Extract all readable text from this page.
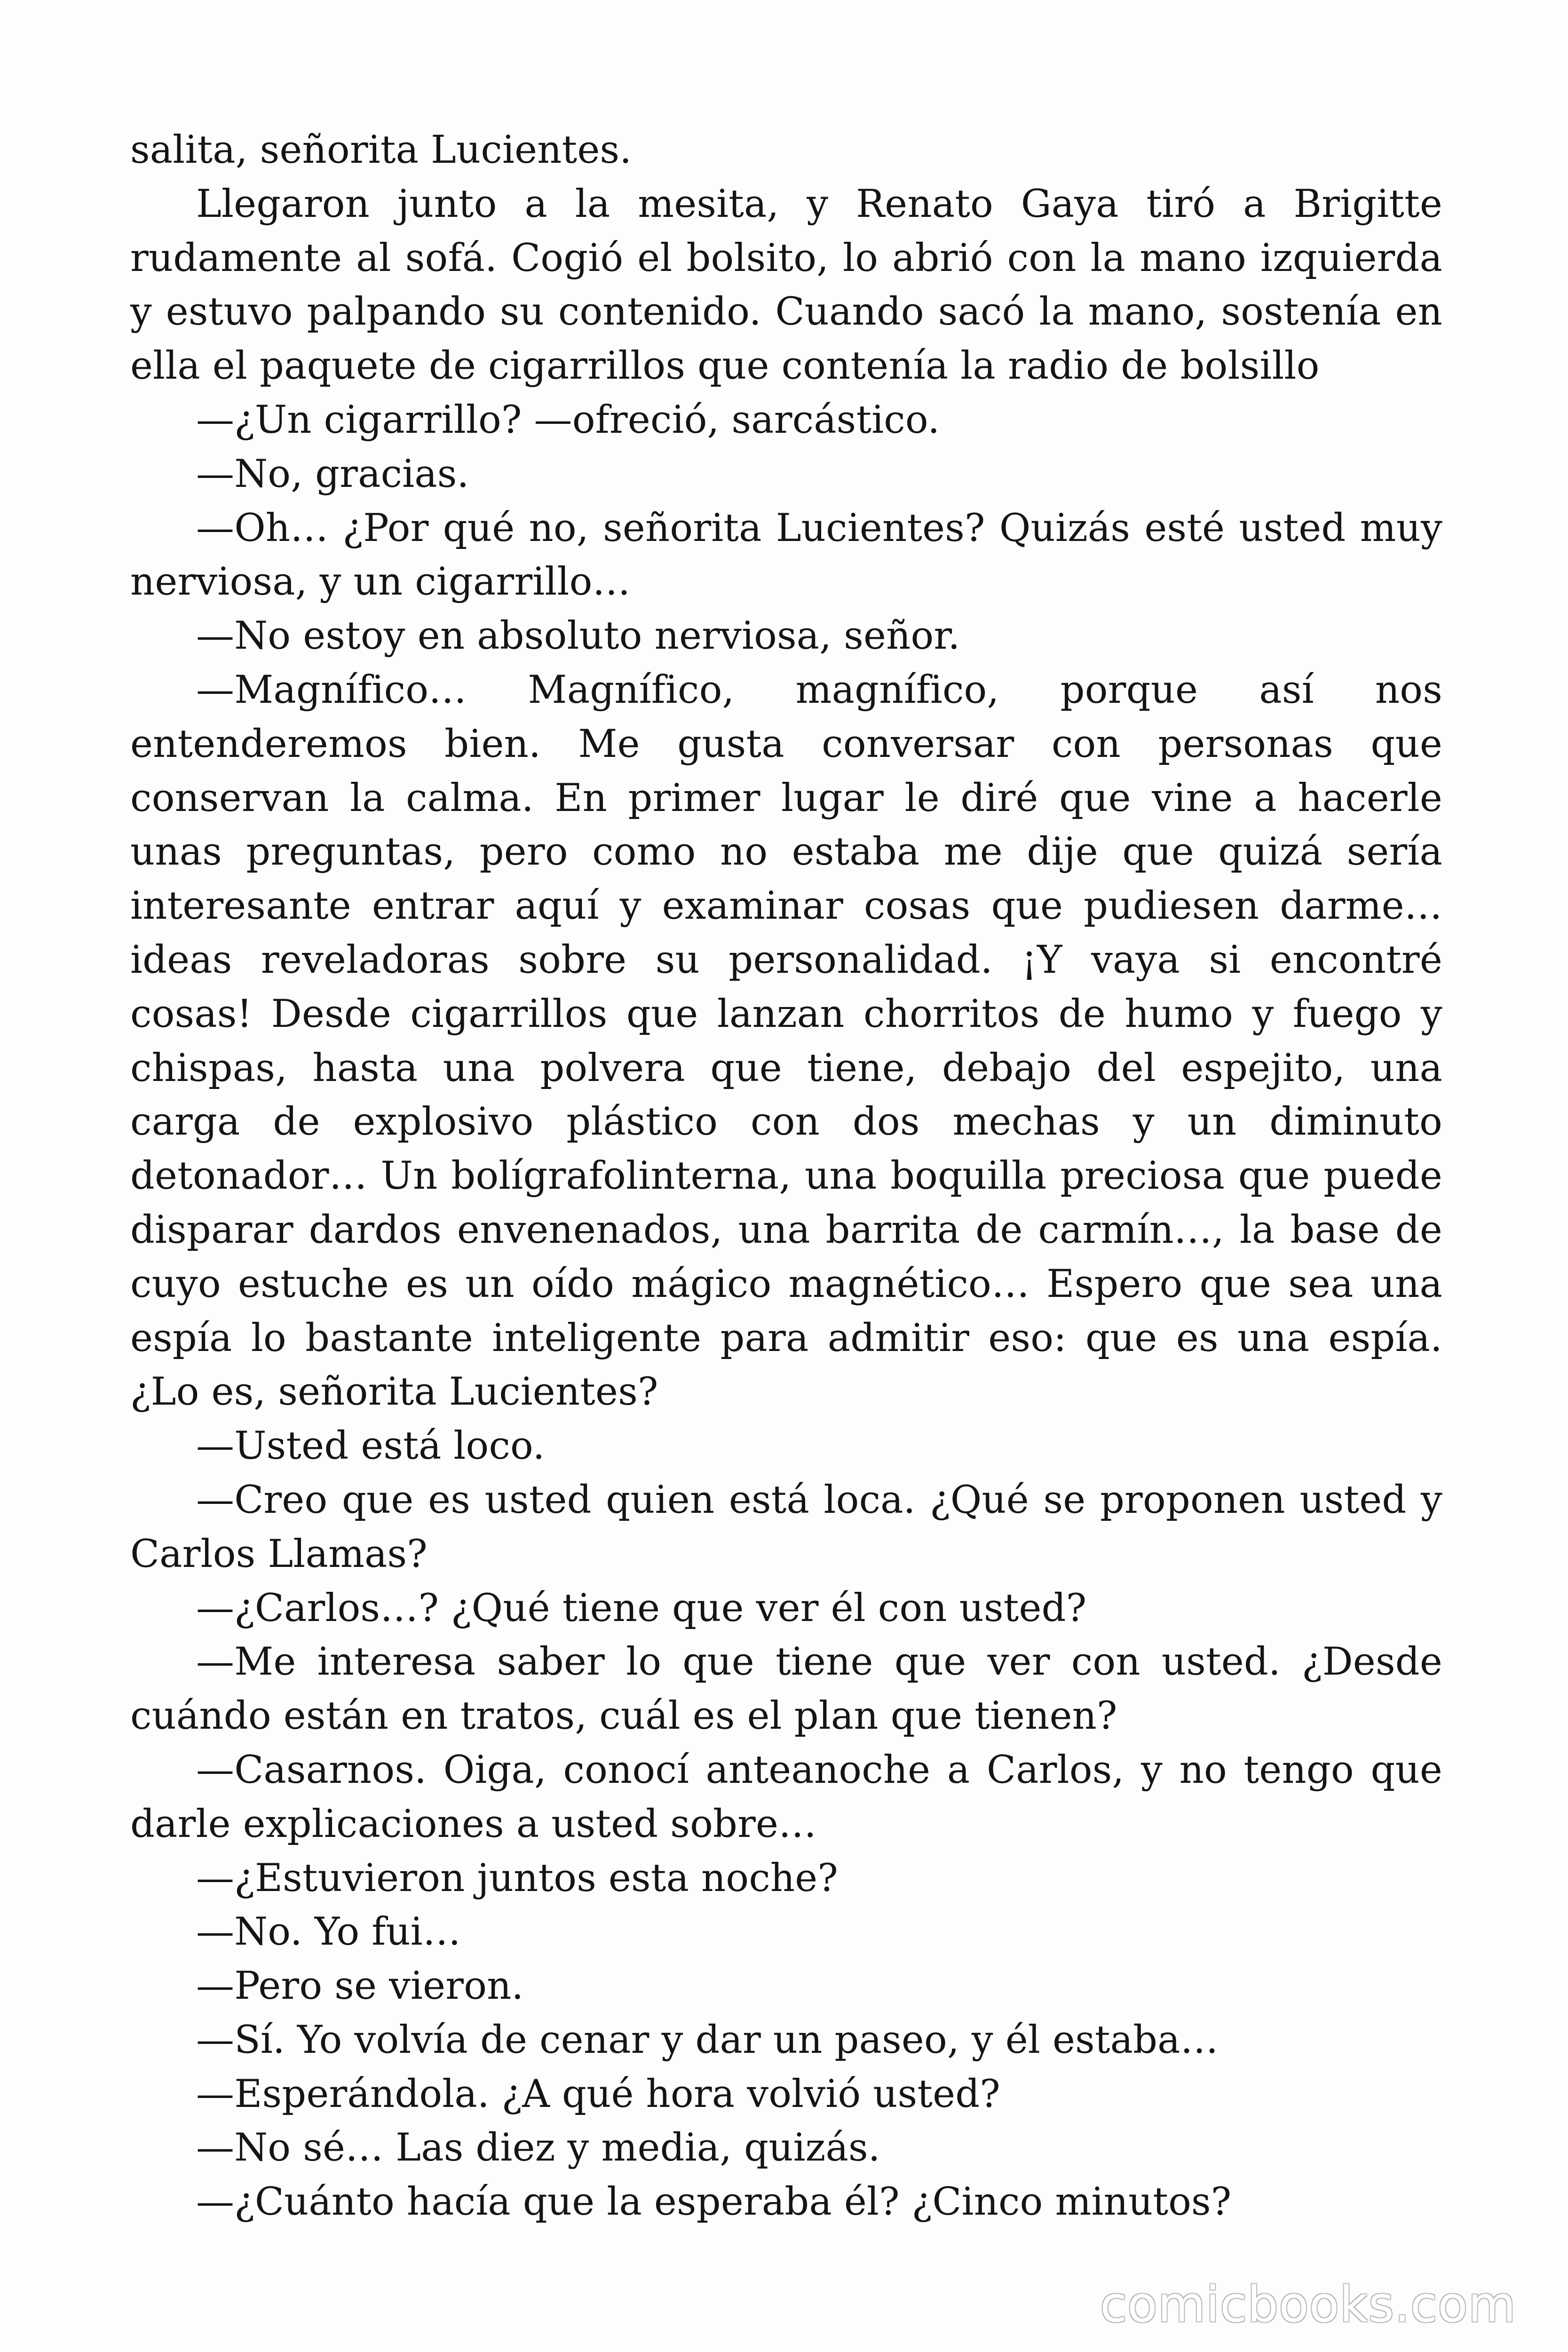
salita, señorita Lucientes.

Llegaron junto a la mesita, y Renato Gaya tiró a Brigitte rudamente al sofá. Cogió el bolsito, lo abrió con la mano izquierda y estuvo palpando su contenido. Cuando sacó la mano, sostenía en ella el paquete de cigarrillos que contenía la radio de bolsillo

—¿Un cigarrillo? —ofreció, sarcástico.

—No, gracias.

—Oh… ¿Por qué no, señorita Lucientes? Quizás esté usted muy nerviosa, y un cigarrillo…

—No estoy en absoluto nerviosa, señor.

—Magnífico… Magnífico, magnífico, porque así nos entenderemos bien. Me gusta conversar con personas que conservan la calma. En primer lugar le diré que vine a hacerle unas preguntas, pero como no estaba me dije que quizá sería interesante entrar aquí y examinar cosas que pudiesen darme… ideas reveladoras sobre su personalidad. ¡Y vaya si encontré cosas! Desde cigarrillos que lanzan chorritos de humo y fuego y chispas, hasta una polvera que tiene, debajo del espejito, una carga de explosivo plástico con dos mechas y un diminuto detonador… Un bolígrafolinterna, una boquilla preciosa que puede disparar dardos envenenados, una barrita de carmín…, la base de cuyo estuche es un oído mágico magnético… Espero que sea una espía lo bastante inteligente para admitir eso: que es una espía. ¿Lo es, señorita Lucientes?

—Usted está loco.

—Creo que es usted quien está loca. ¿Qué se proponen usted y Carlos Llamas?

—¿Carlos…? ¿Qué tiene que ver él con usted?

—Me interesa saber lo que tiene que ver con usted. ¿Desde cuándo están en tratos, cuál es el plan que tienen?

—Casarnos. Oiga, conocí anteanoche a Carlos, y no tengo que darle explicaciones a usted sobre…

—¿Estuvieron juntos esta noche?

—No. Yo fui…

—Pero se vieron.

—Sí. Yo volvía de cenar y dar un paseo, y él estaba…

—Esperándola. ¿A qué hora volvió usted?

—No sé… Las diez y media, quizás.

—¿Cuánto hacía que la esperaba él? ¿Cinco minutos?

comicbooks.com
